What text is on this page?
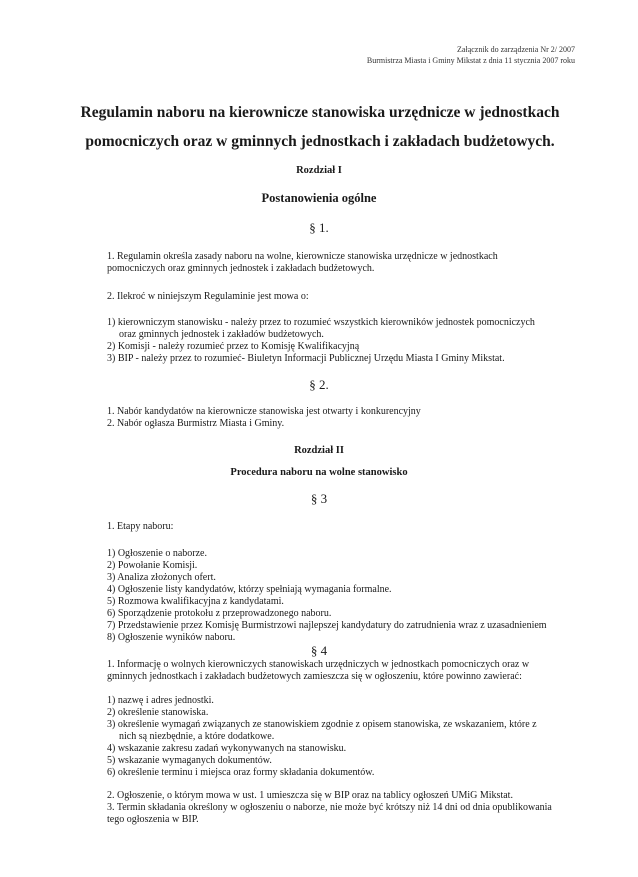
Załącznik do zarządzenia Nr 2/ 2007
Burmistrza Miasta i Gminy Mikstat z dnia 11 stycznia 2007 roku
Regulamin naboru na kierownicze stanowiska urzędnicze w jednostkach
pomocniczych oraz w gminnych jednostkach i zakładach budżetowych.
Rozdział I
Postanowienia ogólne
§ 1.
1. Regulamin określa zasady naboru na wolne, kierownicze stanowiska urzędnicze w jednostkach
pomocniczych oraz gminnych jednostek i zakładach budżetowych.
2. Ilekroć w niniejszym Regulaminie jest mowa o:
1) kierowniczym stanowisku - należy przez to rozumieć wszystkich kierowników jednostek pomocniczych
oraz gminnych jednostek i zakładów budżetowych.
2) Komisji - należy rozumieć przez to Komisję Kwalifikacyjną
3) BIP - należy przez to rozumieć- Biuletyn Informacji Publicznej Urzędu Miasta I Gminy Mikstat.
§ 2.
1. Nabór kandydatów na kierownicze stanowiska jest otwarty i konkurencyjny
2. Nabór ogłasza Burmistrz Miasta i Gminy.
Rozdział II
Procedura naboru na wolne stanowisko
§ 3
1. Etapy naboru:
1) Ogłoszenie o naborze.
2) Powołanie Komisji.
3) Analiza złożonych ofert.
4) Ogłoszenie listy kandydatów, którzy spełniają wymagania formalne.
5) Rozmowa kwalifikacyjna z kandydatami.
6) Sporządzenie protokołu z przeprowadzonego naboru.
7) Przedstawienie przez Komisję Burmistrzowi najlepszej kandydatury do zatrudnienia wraz z uzasadnieniem
8) Ogłoszenie wyników naboru.
§ 4
1. Informację o wolnych kierowniczych stanowiskach urzędniczych w jednostkach pomocniczych oraz w
gminnych jednostkach i zakładach budżetowych zamieszcza się w ogłoszeniu, które powinno zawierać:
1) nazwę i adres jednostki.
2) określenie stanowiska.
3) określenie wymagań związanych ze stanowiskiem zgodnie z opisem stanowiska, ze wskazaniem, które z
nich są niezbędnie, a które dodatkowe.
4) wskazanie zakresu zadań wykonywanych na stanowisku.
5) wskazanie wymaganych dokumentów.
6) określenie terminu i miejsca oraz formy składania dokumentów.
2. Ogłoszenie, o którym mowa w ust. 1 umieszcza się w BIP oraz na tablicy ogłoszeń UMiG Mikstat.
3. Termin składania określony w ogłoszeniu o naborze, nie może być krótszy niż 14 dni od dnia opublikowania
tego ogłoszenia w BIP.
